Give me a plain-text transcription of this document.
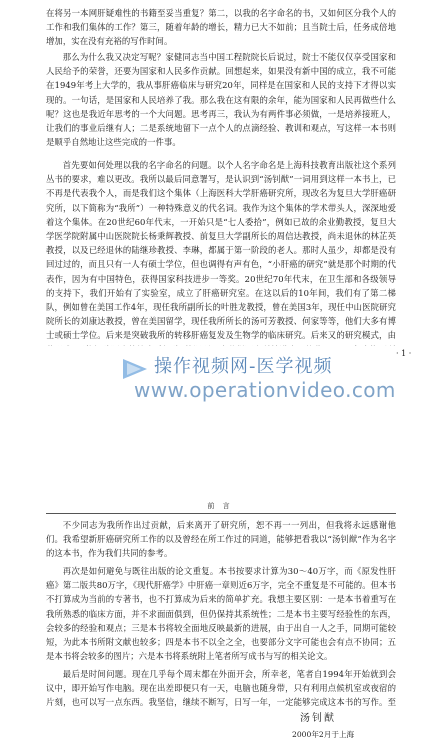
在将另一本网肝疑难性的书籍至妥当重复？第二，以我的名字命名的书，又如何区分我个人的工作和我们集体的工作？第三，随着年龄的增长，精力已大不如前；且当院士后，任务成倍地增加，实在没有充裕的写作时间。

那么为什么我又决定写呢？家健同志当中国工程院院长后说过，院士不能仅仅享受国家和人民给予的荣誉，还要为国家和人民多作贡献。回想起来，如果没有新中国的成立，我不可能在1949年考上大学的，我从事肝癌临床与研究20年，同样是在国家和人民的支持下才得以实现的。一句话，是国家和人民培养了我。那么我在这有限的余年，能为国家和人民再做些什么呢？这也是我近年思考的一个大问题。思考再三，我认为有两件事必须做，一是培养接班人，让我们的事业后继有人；二是系统地留下一点个人的点滴经验、教训和观点，写这样一本书则是顺乎自然地让这些完成的一件事。

首先要如何处理以我的名字命名的问题。以个人名字命名是上海科技教育出版社这个系列丛书的要求，难以更改。我所以最后同意署写，是认识到“汤钊猷”一词用到这样一本书上，已不再是代表我个人，而是我们这个集体（上海医科大学肝癌研究所，现改名为复旦大学肝癌研究所，以下简称为“我所”）一种特殊意义的代名词。我作为这个集体的学术带头人，深深地爱着这个集体。在20世纪60年代末，一开始只是“七人委拾”，例如已故的余业勤教授，复旦大学医学院附属中山医院院长杨秉辉教授、前复旦大学副所长的周信达教授，尚未退休的林芷英教授，以及已经退休的陆继珍教授、李琳，都属于第一阶段的老人。那时人虽少，却都是没有回过过的，而且只有一人有硕士学位，但也调得有声有色，“小肝癌的研究”就是那个时期的代表作，因为有中国特色，获得国家科技进步一等奖。20世纪70年代末，在卫生部和各级领导的支持下，我们开始有了实验室，成立了肝癌研究室。在这以后的10年间，我们有了第二梯队，例如曾在美国工作4年，现任我所副所长的叶胜龙教授，曾在美国3年，现任中山医院研究院所长的刘康达教授，曾在美国留学，现任我所所长的汤可芳教授、何家等等，他们大多有博士或硕士学位。后来是突破我所的转移肝癌复发及生物学的临床研究。后来又的研究模式，由

· 1 ·
操作视频网-医学视频
www.operationvideo.com
前 言

不少同志为我所作出过贡献，后来离开了研究所，恕不再一一列出，但我将永远感谢他们。我希望新肝癌研究所工作的以及曾经在所工作过的同道，能够把看我以“汤钊猷”作为名字的这本书，作为我们共同的参考。

再次是如何避免与既往出版的论文重复。本书按要求计算为30～40万字，而《原发性肝癌》第二版共80万字，《现代肝癌学》中肝癌一章则近6万字，完全不重复是不可能的。但本书不打算成为当前的专著书，也不打算成为后来的简单扩充。我想主要区别：一是本书着重写在我所熟悉的临床方面，并不求面面俱到，但仍保持其系统性；二是本书主要写经验性的东西，会较多的经验和观点；三是本书将较全面地反映最新的进展，由于出自一人之手，同期可能较短，为此本书所附文献也较多；四是本书不以全之全，也要部分文字可能也会有点不协同；五是本书将会较多的图片；六是本书将系统附上笔者所写成书与写的相关论文。

最后是时间问题。现在几乎每个周末都在外面开会，所幸老，笔者自1994年开始就到会议中，即开始写作电脑。现在出差即便只有一天，电脑也随身带，只有利用点候机室或夜宿的片刻，也可以写一点东西。我坚信，继续不断写，日写一年，一定能够完成这本书的写作。至

汤钊猷
2000年2月于上海
